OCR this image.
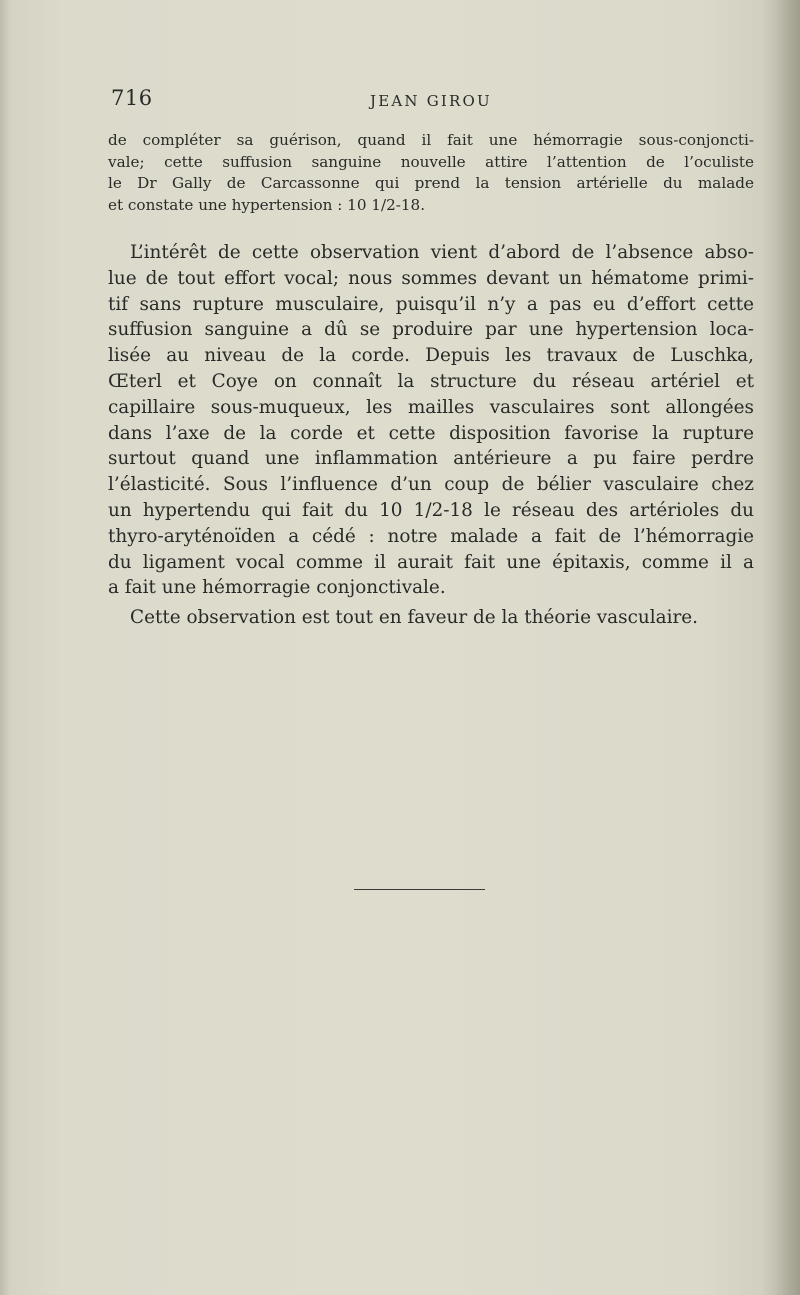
716	JEAN GIROU
de compléter sa guérison, quand il fait une hémorragie sous-conjoncti-
vale; cette suffusion sanguine nouvelle attire l’attention de l’oculiste
le Dr Gally de Carcassonne qui prend la tension artérielle du malade
et constate une hypertension : 10 1/2-18.
L’intérêt de cette observation vient d’abord de l’absence abso-
lue de tout effort vocal; nous sommes devant un hématome primi-
tif sans rupture musculaire, puisqu’il n’y a pas eu d’effort cette
suffusion sanguine a dû se produire par une hypertension loca-
lisée au niveau de la corde. Depuis les travaux de Luschka,
Œterl et Coye on connaît la structure du réseau artériel et
capillaire sous-muqueux, les mailles vasculaires sont allongées
dans l’axe de la corde et cette disposition favorise la rupture
surtout quand une inflammation antérieure a pu faire perdre
l’élasticité. Sous l’influence d’un coup de bélier vasculaire chez
un hypertendu qui fait du 10 1/2-18 le réseau des artérioles du
thyro-aryténoïden a cédé : notre malade a fait de l’hémorragie
du ligament vocal comme il aurait fait une épitaxis, comme il a
a fait une hémorragie conjonctivale.
Cette observation est tout en faveur de la théorie vasculaire.
